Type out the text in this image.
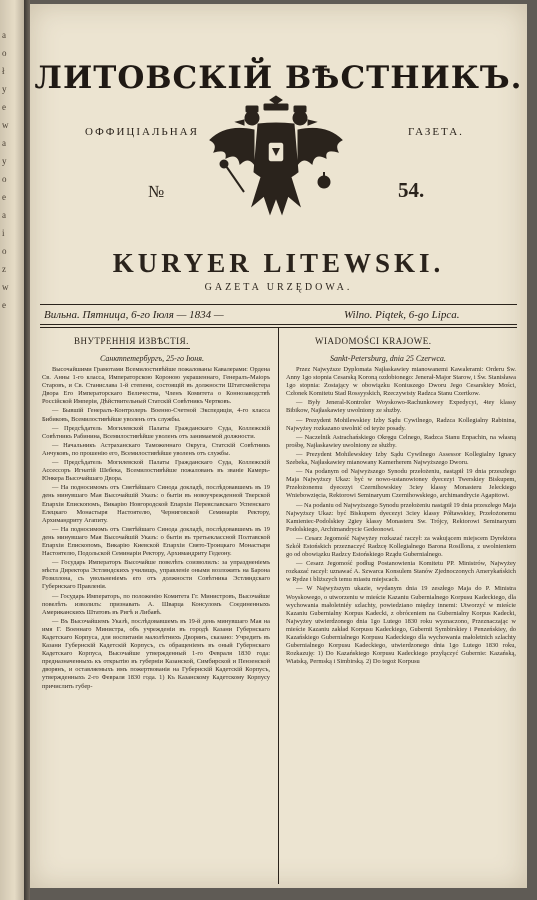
a
o
ł
y
e
w
a
y
o
e
a
i
o
z
w
e
ЛИТОВСКІЙ ВѢСТНИКЪ.
ОФФИЦІАЛЬНАЯ	ГАЗЕТА.
№	54.
KURYER LITEWSKI.
GAZETA URZĘDOWA.
Вильна. Пятница, 6-го Іюля — 1834 —	Wilno. Piątek, 6-go Lipca.
ВНУТРЕННІЯ ИЗВѢСТІЯ.	WIADOMOŚCI KRAJOWE.
Санктпетербургъ, 25-го Іюня.	Sankt-Petersburg, dnia 25 Czerwca.

Высочайшими Грамотами Всемилостивѣйше пожалованы Кавалерами: Ордена Св. Анны 1-го класса, Императорскою Короною украшеннаго, Генералъ-Маіоръ Старовъ, и Св. Станислава 1-й степени, состоящій въ должности Штатсмейстера Двора Его Императорскаго Величества, Членъ Комитета о Коннозаводствѣ Россійской Имперіи, Дѣйствительный Статскій Совѣтникъ Чертковъ.

— Бывшій Генералъ-Контролеръ Военно-Счетной Экспедиціи, 4-го класса Бибиковъ, Всемилостивѣйше уволенъ отъ службы.

— Предсѣдатель Могилевской Палаты Гражданскаго Суда, Коллежскій Совѣтникъ Рабинина, Всемилостивѣйше уволенъ отъ занимаемой должности.

— Начальникъ Астраханскаго Таможеннаго Округа, Статскій Совѣтникъ Анчуковъ, по прошенію его, Всемилостивѣйше уволенъ отъ службы.

— Предсѣдатель Могилевской Палаты Гражданскаго Суда, Коллежскій Ассессоръ Игнатій Шебека, Всемилостивѣйше пожалованъ въ званіе Камеръ-Юнкера Высочайшаго Двора.

— На подносимомъ отъ Святѣйшаго Синода докладѣ, послѣдовавшемъ въ 19 день минувшаго Мая Высочайшій Указъ: о бытіи въ новоучрежденной Тверской Епархіи Епископомъ, Викарію Новгородской Епархіи Переяславскаго Успенскаго Елецкаго Монастыря Настоятелю, Черниговской Семинаріи Ректору, Архимандриту Агапиту.

— На подносимомъ отъ Святѣйшаго Синода докладѣ, послѣдовавшемъ въ 19 день минувшаго Мая Высочайшій Указъ: о бытіи въ третьеклассной Полтавской Епархіи Епископомъ, Викарію Киевской Епархіи Свято-Троицкаго Монастыря Настоятелю, Подольской Семинаріи Ректору, Архимандриту Гедеону.

— Государь Императоръ Высочайше повелѣть соизволилъ: за упраздненіемъ мѣста Директора Эстляндскихъ училищъ, управленіе оными возложить на Барона Розиллона, съ увольненіемъ его отъ должности Совѣтника Эстляндскаго Губернскаго Правленія.

— Государь Императоръ, по положенію Комитета Гг. Министровъ, Высочайше повелѣть изволилъ: признавать А. Шварца Консуломъ Соединенныхъ Американскихъ Штатовъ въ Ригѣ и Либавѣ.

— Въ Высочайшемъ Указѣ, послѣдовавшемъ въ 19-й день минувшаго Мая на имя Г. Военнаго Министра, объ учрежденіи въ городѣ Казани Губернскаго Кадетскаго Корпуса, для воспитанія малолѣтнихъ Дворянъ, сказано: Учредить въ Казани Губернскій Кадетскій Корпусъ, съ обращеніемъ въ оный Губернскаго Кадетскаго Корпуса, Высочайше утвержденный 1-го Февраля 1830 года: предназначенныхъ къ открытію въ губерніи Казанской, Симбирской и Пензенской дворянъ, и оставляемыхъ имъ пожертвованія на Губернскій Кадетскій Корпусъ, утвержденныхъ 2-го Февраля 1830 года. 1) Къ Казанскому Кадетскому Корпусу причислить губер-

Przez Najwyższe Dyplomata Najłaskawiey mianowanemi Kawalerami: Orderu Św. Anny 1go stopnia Cesarską Koroną ozdobionego: Jenerał-Major Starow, i Św. Stanisława 1go stopnia: Zostający w obowiązku Koniuszego Dworu Jego Cesarskiey Mości, Członek Komitetu Stad Rossyyskich, Rzeczywisty Radzca Stanu Czertkow.

— Były Jeneral-Kontroler Woyskowo-Rachunkowey Expedycyi, 4tey klassy Bibikow, Najłaskawiey uwolniony ze służby.

— Prezydent Mohilewskiey Izby Sądu Cywilnego, Radzca Kollegialny Rabinina, Najwyżey rozkazano uwolnić od teyże posady.

— Naczelnik Astrachańskiego Okręgu Celnego, Radzca Stanu Enpachin, na własną prośbę, Najłaskawiey uwolniony ze służby.

— Prezydent Mohilewskiey Izby Sądu Cywilnego Assessor Kollegialny Ignacy Szebeka, Najłaskawiey mianowany Kamerherem Najwyższego Dworu.

— Na podanym od Najwyższego Synodu przełożeniu, nastąpił 19 dnia przeszłego Maja Najwyższy Ukaz: być w nowo-ustanowioney dyecezyi Twerskiey Biskupem, Przełożonemu dyecezyi Czernihowskiey 3ciey klassy Monasteru Jeleckiego Wniebowzięcia, Rektorowi Seminaryum Czernihowskiego, archimandrycie Agapitowi.

— Na podaniu od Najwyższego Synodu przełożeniu nastąpił 19 dnia przeszłego Maja Najwyższy Ukaz: być Biskupem dyecezyi 3ciey klassy Półtawskiey, Przełożonemu Kamieniec-Podolskiey 2giey klassy Monasteru Sw. Trójcy, Rektorowi Seminaryum Podolskiego, Archimandrycie Gedeonowi.

— Cesarz Jegomość Najwyżey rozkazać raczył: za wakującem miejscem Dyrektora Szkół Estońskich przeznaczyć Radzcę Kollegialnego Barona Rosillona, z uwolnieniem go od obowiązku Radzcy Estońskiego Rządu Gubernialnego.

— Cesarz Jegomość podług Postanowienia Komitetu PP. Ministrów, Najwyżey rozkazać raczył: uznawać A. Szwarca Konsulem Stanów Zjednoczonych Amerykańskich w Rydze i bliższych temu miastu miejscach.

— W Najwyższym ukazie, wydanym dnia 19 zeszłego Maja do P. Ministra Woyskowego, o utworzeniu w mieście Kazaniu Gubernialnego Korpusu Kadeckiego, dla wychowania małoletniéy szlachty, powiedziano między innemi: Utworzyć w mieście Kazaniu Gubernialny Korpus Kadecki, z obróceniem na Gubernialny Korpus Kadecki, Najwyżey utwierdzonego dnia 1go Lutego 1830 roku wyznaczono, Przeznaczając w mieście Kazaniu zakład Korpusu Kadeckiego, Gubernii Symbirskiey i Penzeńskiey, do Kazańskiego Gubernialnego Korpusu Kadeckiego dla wychowania małoletnich szlachty Gubernialnego Korpusu Kadeckiego, utwierdzonego dnia 1go Lutego 1830 roku, Rozkazuję: 1) Do Kazańskiego Korpusu Kadeckiego przyłączyć Gubernie: Kazańską, Wiatską, Permską i Simbirską. 2) Do tegoż Korpusu
